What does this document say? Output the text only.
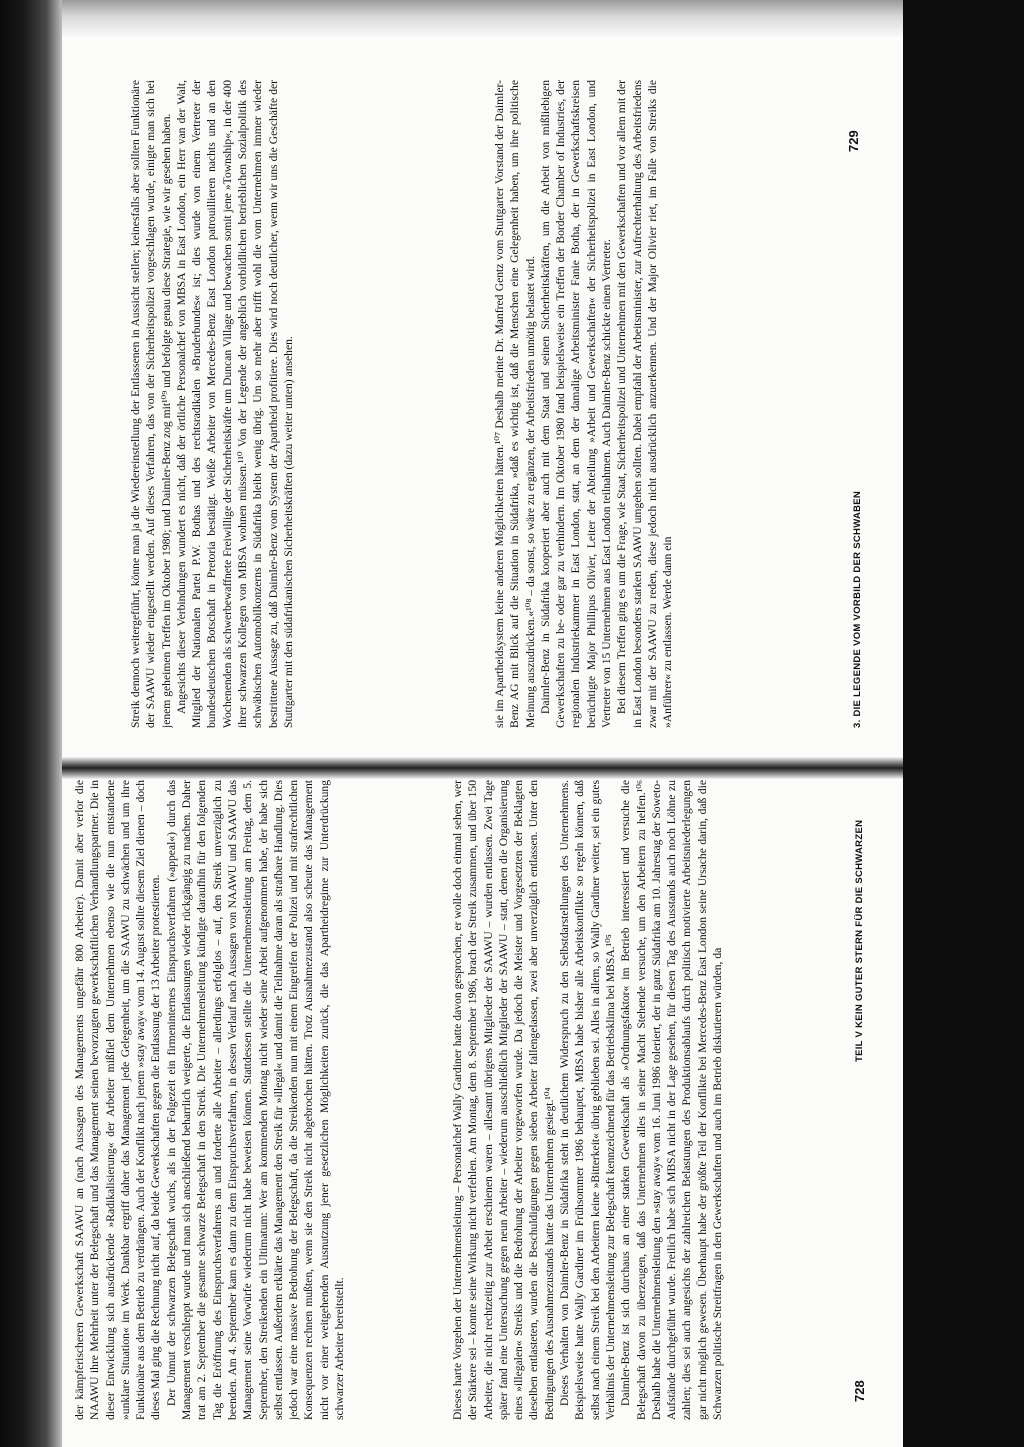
der kämpferischeren Gewerkschaft SAAWU an (nach Aussagen des Managements ungefähr 800 Arbeiter). Damit aber verlor die NAAWU ihre Mehrheit unter der Belegschaft und das Management seinen bevorzugten gewerkschaftlichen Verhandlungspartner. Die in dieser Entwicklung sich ausdrückende »Radikalisierung« der Arbeiter mißfiel dem Unternehmen ebenso wie die nun entstandene »unklare Situation« im Werk. Dankbar ergriff daher das Management jede Gelegenheit, um die SAAWU zu schwächen und um ihre Funktionäre aus dem Betrieb zu verdrängen. Auch der Konflikt nach jenem »stay away« vom 14. August sollte diesem Ziel dienen – doch dieses Mal ging die Rechnung nicht auf, da beide Gewerkschaften gegen die Entlassung der 13 Arbeiter protestierten. Der Unmut der schwarzen Belegschaft wuchs, als in der Folgezeit ein firmeninternes Einspruchsverfahren (»appeal«) durch das Management verschleppt wurde und man sich anschließend beharrlich weigerte, die Entlassungen wieder rückgängig zu machen. Daher trat am 2. September die gesamte schwarze Belegschaft in den Streik. Die Unternehmensleitung kündigte daraufhin für den folgenden Tag die Eröffnung des Einspruchsverfahrens an und forderte alle Arbeiter – allerdings erfolglos – auf, den Streik unverzüglich zu beenden. Am 4. September kam es dann zu dem Einspruchsverfahren, in dessen Verlauf nach Aussagen von NAAWU und SAAWU das Management seine Vorwürfe wiederum nicht habe beweisen können. Stattdessen stellte die Unternehmensleitung am Freitag, dem 5. September, den Streikenden ein Ultimatum: Wer am kommenden Montag nicht wieder seine Arbeit aufgenommen habe, der habe sich selbst entlassen. Außerdem erklärte das Management den Streik für »illegal« und damit die Teilnahme daran als strafbare Handlung. Dies jedoch war eine massive Bedrohung der Belegschaft, da die Streikenden nun mit einem Eingreifen der Polizei und mit strafrechtlichen Konsequenzen rechnen mußten, wenn sie den Streik nicht abgebrochen hätten. Trotz Ausnahmezustand also scheute das Management nicht vor einer weitgehenden Ausnutzung jener gesetzlichen Möglichkeiten zurück, die das Apartheidregime zur Unterdrückung schwarzer Arbeiter bereitstellt.	Dieses harte Vorgehen der Unternehmensleitung – Personalchef Wally Gardiner hatte davon gesprochen, er wolle doch einmal sehen, wer der Stärkere sei – konnte seine Wirkung nicht verfehlen. Am Montag, dem 8. September 1986, brach der Streik zusammen, und über 150 Arbeiter, die nicht rechtzeitig zur Arbeit erschienen waren – allesamt übrigens Mitglieder der SAAWU – wurden entlassen. Zwei Tage später fand eine Untersuchung gegen neun Arbeiter – wiederum ausschließlich Mitglieder der SAAWU – statt, denen die Organisierung eines »illegalen« Streiks und die Bedrohung der Arbeiter vorgeworfen wurde. Da jedoch die Meister und Vorgesetzten der Beklagten dieselben entlasteten, wurden die Beschuldigungen gegen sieben Arbeiter fallengelassen, zwei aber unverzüglich entlassen. Unter den Bedingungen des Ausnahmezustands hatte das Unternehmen gesiegt.¹⁰⁴ Dieses Verhalten von Daimler-Benz in Südafrika steht in deutlichem Widerspruch zu den Selbstdarstellungen des Unternehmens. Beispielsweise hatte Wally Gardiner im Frühsommer 1986 behauptet, MBSA habe bisher alle Arbeitskonflikte so regeln können, daß selbst nach einem Streik bei den Arbeitern keine »Bitterkeit« übrig geblieben sei. Alles in allem, so Wally Gardiner weiter, sei ein gutes Verhältnis der Unternehmensleitung zur Belegschaft kennzeichnend für das Betriebsklima bei MBSA.¹⁰⁵ Daimler-Benz ist sich durchaus an einer starken Gewerkschaft als »Ordnungsfaktor« im Betrieb interessiert und versuche die Belegschaft davon zu überzeugen, daß das Unternehmen alles in seiner Macht Stehende versuche, um den Arbeitern zu helfen.¹⁰⁶ Deshalb habe die Unternehmensleitung den »stay away« vom 16. Juni 1986 toleriert, der in ganz Südafrika am 10. Jahrestag der Soweto-Aufstände durchgeführt wurde. Freilich habe sich MBSA nicht in der Lage gesehen, für diesen Tag des Ausstands auch noch Löhne zu zahlen; dies sei auch angesichts der zahlreichen Belastungen des Produktionsablaufs durch politisch motivierte Arbeitsniederlegungen gar nicht möglich gewesen. Überhaupt habe der größte Teil der Konflikte bei Mercedes-Benz East London seine Ursache darin, daß die Schwarzen politische Streitfragen in den Gewerkschaften und auch im Betrieb diskutieren würden, da	728
TEIL V KEIN GUTER STERN FÜR DIE SCHWARZEN

sie im Apartheidsystem keine anderen Möglichkeiten hätten.¹⁰⁷ Deshalb meinte Dr. Manfred Gentz vom Stuttgarter Vorstand der Daimler-Benz AG mit Blick auf die Situation in Südafrika, »daß es wichtig ist, daß die Menschen eine Gelegenheit haben, um ihre politische Meinung auszudrücken.«¹⁰⁸ – da sonst, so wäre zu ergänzen, der Arbeitsfrieden unnötig belastet wird. Daimler-Benz in Südafrika kooperiert aber auch mit dem Staat und seinen Sicherheitskräften, um die Arbeit von mißliebigen Gewerkschaften zu be- oder gar zu verhindern. Im Oktober 1980 fand beispielsweise ein Treffen der Border Chamber of Industries, der regionalen Industriekammer in East London, statt, an dem der damalige Arbeitsminister Fanie Botha, der in Gewerkschaftskreisen berüchtigte Major Phillipus Olivier, Leiter der Abteilung »Arbeit und Gewerkschaften« der Sicherheitspolizei in East London, und Vertreter von 15 Unternehmen aus East London teilnahmen. Auch Daimler-Benz schickte einen Vertreter. Bei diesem Treffen ging es um die Frage, wie Staat, Sicherheitspolizei und Unternehmen mit den Gewerkschaften und vor allem mit der in East London besonders starken SAAWU umgehen sollten. Dabei empfahl der Arbeitsminister, zur Aufrechterhaltung des Arbeitsfriedens zwar mit der SAAWU zu reden, diese jedoch nicht ausdrücklich anzuerkennen. Und der Major Olivier riet, im Falle von Streiks die »Anführer« zu entlassen. Werde dann ein

Streik dennoch weitergeführt, könne man ja die Wiedereinstellung der Entlassenen in Aussicht stellen; keinesfalls aber sollten Funktionäre der SAAWU wieder eingestellt werden. Auf dieses Verfahren, das von der Sicherheitspolizei vorgeschlagen wurde, einigte man sich bei jenem geheimen Treffen im Oktober 1980; und Daimler-Benz zog mit¹⁰⁹ und befolgte genau diese Strategie, wie wir gesehen haben. Angesichts dieser Verbindungen wundert es nicht, daß der örtliche Personalchef von MBSA in East London, ein Herr van der Walt, Mitglied der Nationalen Partei P.W. Bothas und des rechtsradikalen »Bruderbundes« ist; dies wurde von einem Vertreter der bundesdeutschen Botschaft in Pretoria bestätigt. Weiße Arbeiter von Mercedes-Benz East London patrouillieren nachts und an den Wochenenden als schwerbewaffnete Freiwillige der Sicherheitskräfte um Duncan Village und bewachen somit jene »Township«, in der 400 ihrer schwarzen Kollegen von MBSA wohnen müssen.¹¹⁰ Von der Legende der angeblich vorbildlichen betrieblichen Sozialpolitik des schwäbischen Automobilkonzerns in Südafrika bleibt wenig übrig. Um so mehr aber trifft wohl die vom Unternehmen immer wieder bestrittene Aussage zu, daß Daimler-Benz vom System der Apartheid profitiere. Dies wird noch deutlicher, wenn wir uns die Geschäfte der Stuttgarter mit den südafrikanischen Sicherheitskräften (dazu weiter unten) ansehen.

729
3. DIE LEGENDE VOM VORBILD DER SCHWABEN
